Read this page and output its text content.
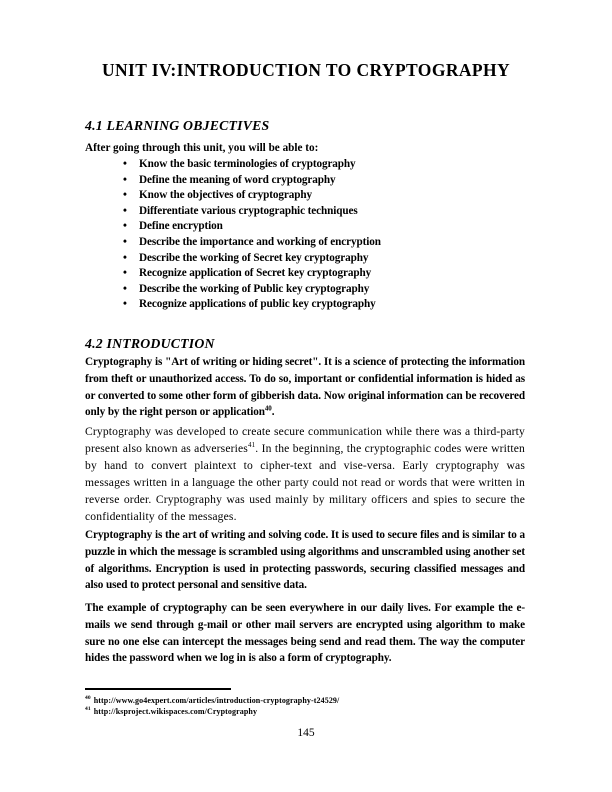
UNIT IV:INTRODUCTION TO CRYPTOGRAPHY
4.1 LEARNING OBJECTIVES

After going through this unit, you will be able to:

• Know the basic terminologies of cryptography
• Define the meaning of word cryptography
• Know the objectives of cryptography
• Differentiate various cryptographic techniques
• Define encryption
• Describe the importance and working of encryption
• Describe the working of Secret key cryptography
• Recognize application of Secret key cryptography
• Describe the working of Public key cryptography
• Recognize applications of public key cryptography
4.2 INTRODUCTION

Cryptography is "Art of writing or hiding secret". It is a science of protecting the information from theft or unauthorized access. To do so, important or confidential information is hided as or converted to some other form of gibberish data. Now original information can be recovered only by the right person or application$^{40}$.

Cryptography was developed to create secure communication while there was a third-party present also known as adverseries$^{41}$. In the beginning, the cryptographic codes were written by hand to convert plaintext to cipher-text and vise-versa. Early cryptography was messages written in a language the other party could not read or words that were written in reverse order. Cryptography was used mainly by military officers and spies to secure the confidentiality of the messages.

Cryptography is the art of writing and solving code. It is used to secure files and is similar to a puzzle in which the message is scrambled using algorithms and unscrambled using another set of algorithms. Encryption is used in protecting passwords, securing classified messages and also used to protect personal and sensitive data.

The example of cryptography can be seen everywhere in our daily lives. For example the e-mails we send through g-mail or other mail servers are encrypted using algorithm to make sure no one else can intercept the messages being send and read them. The way the computer hides the password when we log in is also a form of cryptography.

$^{40}$ http://www.go4expert.com/articles/introduction-cryptography-t24529/
$^{41}$ http://ksproject.wikispaces.com/Cryptography
145
